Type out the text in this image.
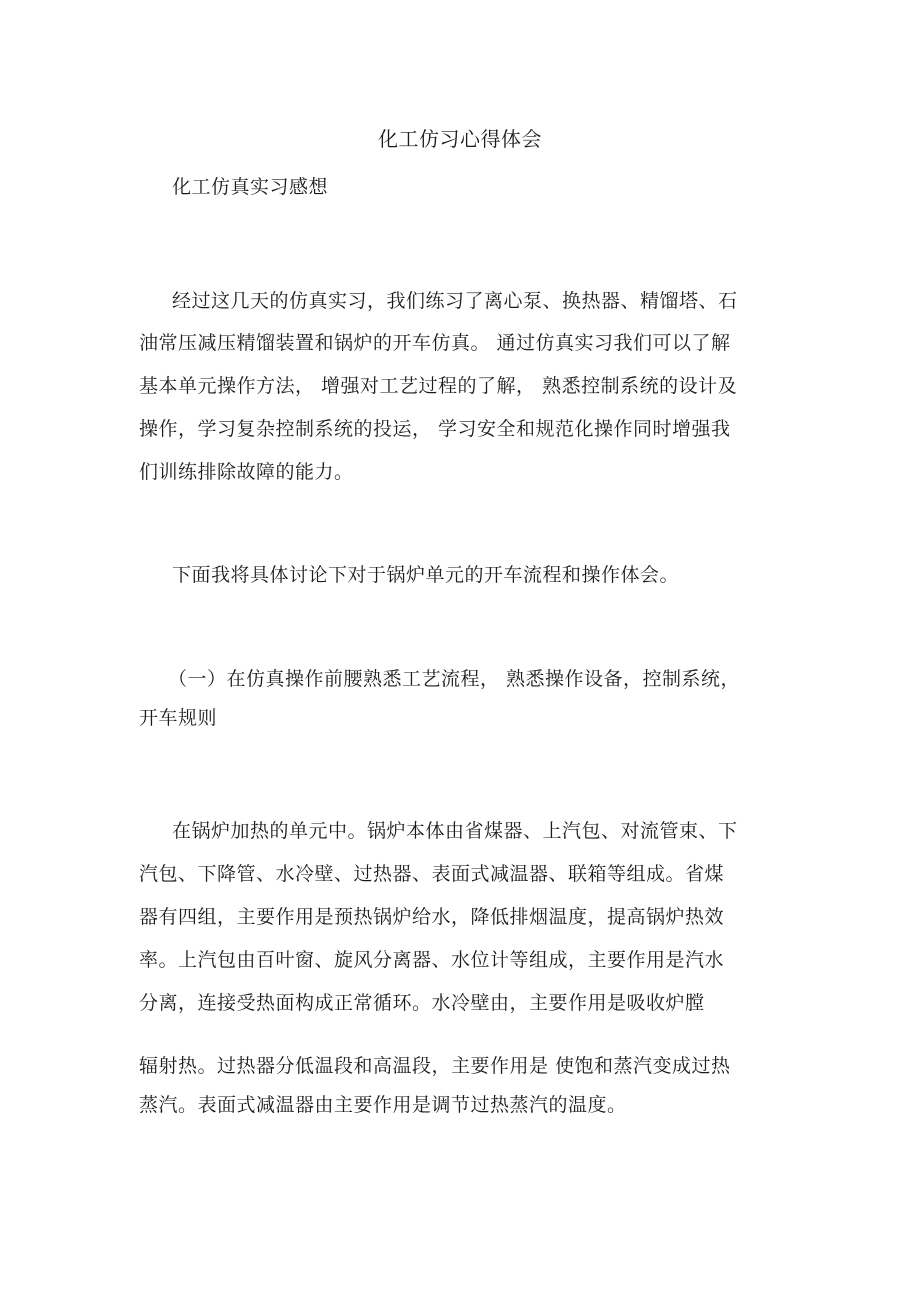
化工仿习心得体会
化工仿真实习感想
经过这几天的仿真实习，我们练习了离心泵、换热器、精馏塔、石
油常压减压精馏装置和锅炉的开车仿真。 通过仿真实习我们可以了解
基本单元操作方法， 增强对工艺过程的了解， 熟悉控制系统的设计及
操作，学习复杂控制系统的投运， 学习安全和规范化操作同时增强我
们训练排除故障的能力。
下面我将具体讨论下对于锅炉单元的开车流程和操作体会。
（一）在仿真操作前腰熟悉工艺流程， 熟悉操作设备，控制系统，
开车规则
在锅炉加热的单元中。锅炉本体由省煤器、上汽包、对流管束、下
汽包、下降管、水冷壁、过热器、表面式减温器、联箱等组成。省煤
器有四组，主要作用是预热锅炉给水，降低排烟温度，提高锅炉热效
率。上汽包由百叶窗、旋风分离器、水位计等组成，主要作用是汽水
分离，连接受热面构成正常循环。水冷壁由，主要作用是吸收炉膛
辐射热。过热器分低温段和高温段，主要作用是 使饱和蒸汽变成过热
蒸汽。表面式减温器由主要作用是调节过热蒸汽的温度。
